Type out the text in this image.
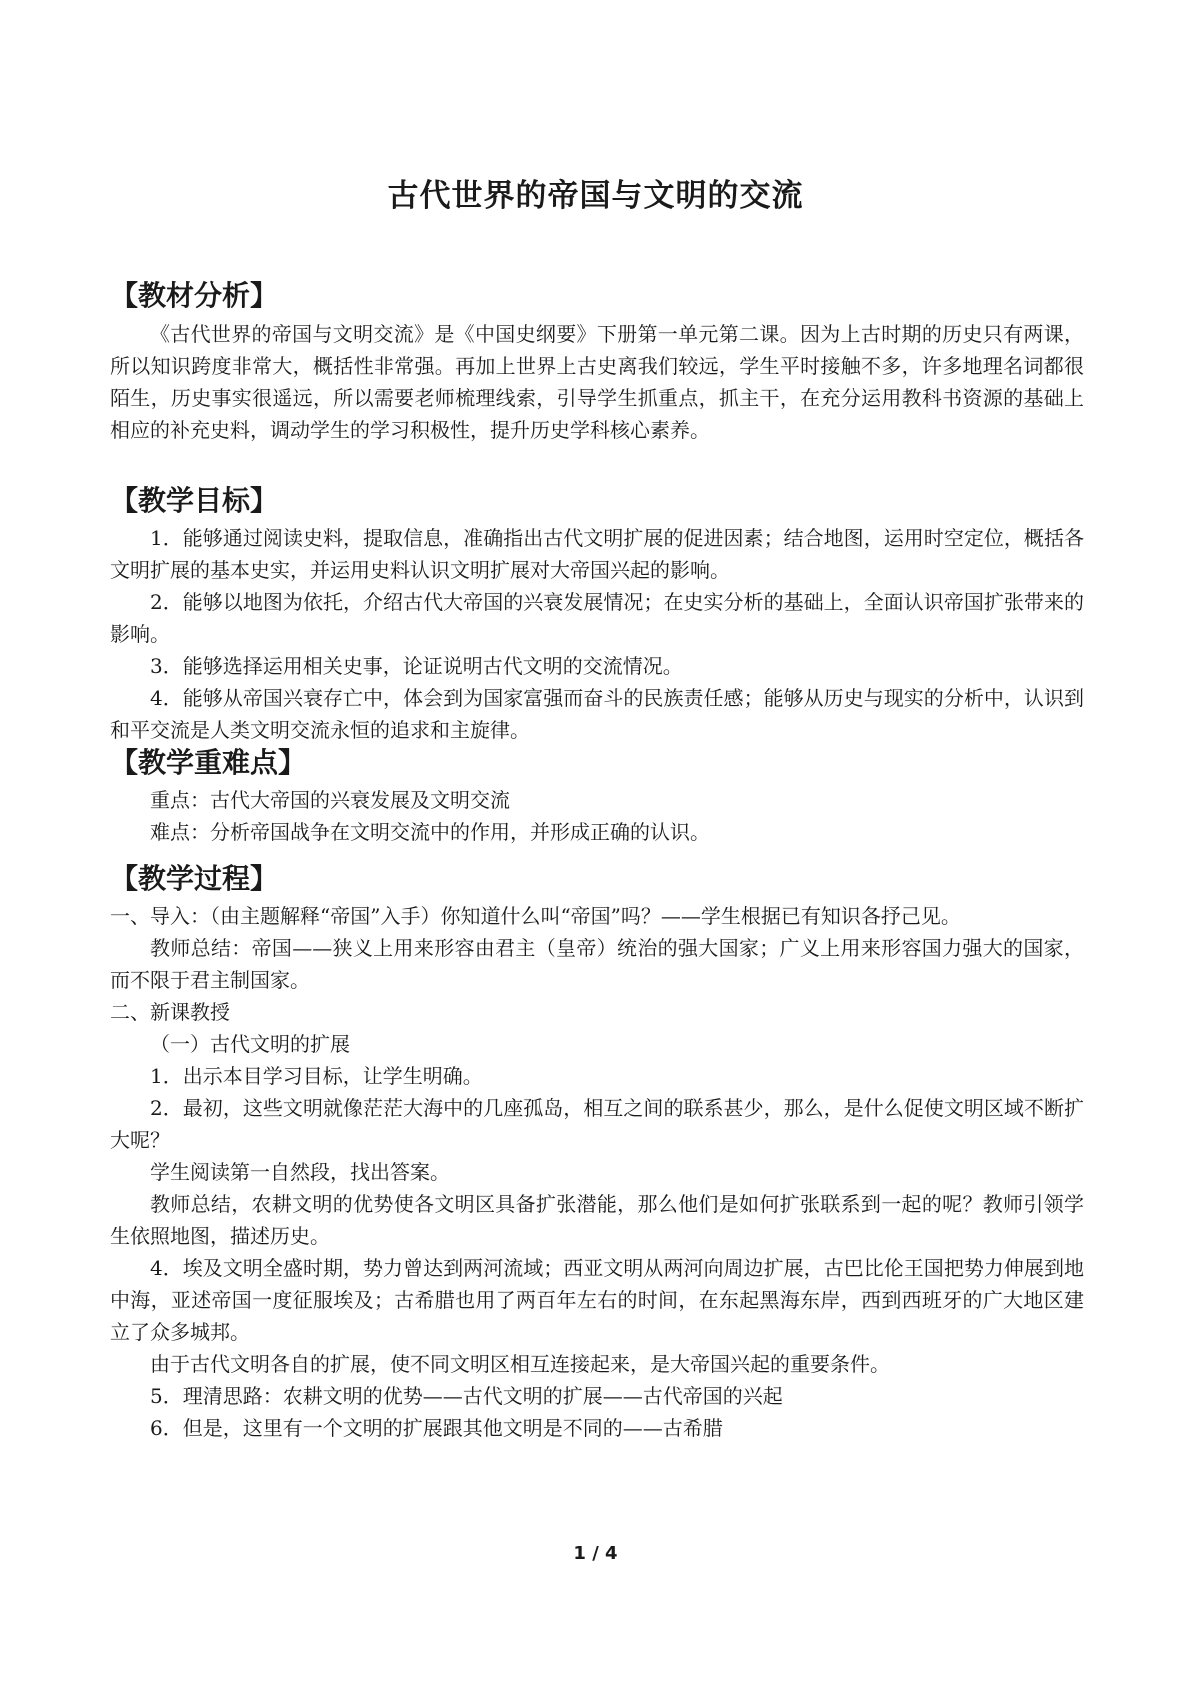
古代世界的帝国与文明的交流
【教材分析】

《古代世界的帝国与文明交流》是《中国史纲要》下册第一单元第二课。因为上古时期的历史只有两课，所以知识跨度非常大，概括性非常强。再加上世界上古史离我们较远，学生平时接触不多，许多地理名词都很陌生，历史事实很遥远，所以需要老师梳理线索，引导学生抓重点，抓主干，在充分运用教科书资源的基础上相应的补充史料，调动学生的学习积极性，提升历史学科核心素养。

【教学目标】

1．能够通过阅读史料，提取信息，准确指出古代文明扩展的促进因素；结合地图，运用时空定位，概括各文明扩展的基本史实，并运用史料认识文明扩展对大帝国兴起的影响。

2．能够以地图为依托，介绍古代大帝国的兴衰发展情况；在史实分析的基础上，全面认识帝国扩张带来的影响。

3．能够选择运用相关史事，论证说明古代文明的交流情况。

4．能够从帝国兴衰存亡中，体会到为国家富强而奋斗的民族责任感；能够从历史与现实的分析中，认识到和平交流是人类文明交流永恒的追求和主旋律。

【教学重难点】

重点：古代大帝国的兴衰发展及文明交流

难点：分析帝国战争在文明交流中的作用，并形成正确的认识。

【教学过程】

一、导入：（由主题解释“帝国”入手）你知道什么叫“帝国”吗？——学生根据已有知识各抒己见。

教师总结：帝国——狭义上用来形容由君主（皇帝）统治的强大国家；广义上用来形容国力强大的国家，而不限于君主制国家。

二、新课教授

（一）古代文明的扩展

1．出示本目学习目标，让学生明确。

2．最初，这些文明就像茫茫大海中的几座孤岛，相互之间的联系甚少，那么，是什么促使文明区域不断扩大呢？

学生阅读第一自然段，找出答案。

教师总结，农耕文明的优势使各文明区具备扩张潜能，那么他们是如何扩张联系到一起的呢？教师引领学生依照地图，描述历史。

4．埃及文明全盛时期，势力曾达到两河流域；西亚文明从两河向周边扩展，古巴比伦王国把势力伸展到地中海，亚述帝国一度征服埃及；古希腊也用了两百年左右的时间，在东起黑海东岸，西到西班牙的广大地区建立了众多城邦。

由于古代文明各自的扩展，使不同文明区相互连接起来，是大帝国兴起的重要条件。

5．理清思路：农耕文明的优势——古代文明的扩展——古代帝国的兴起

6．但是，这里有一个文明的扩展跟其他文明是不同的——古希腊

1 / 4
